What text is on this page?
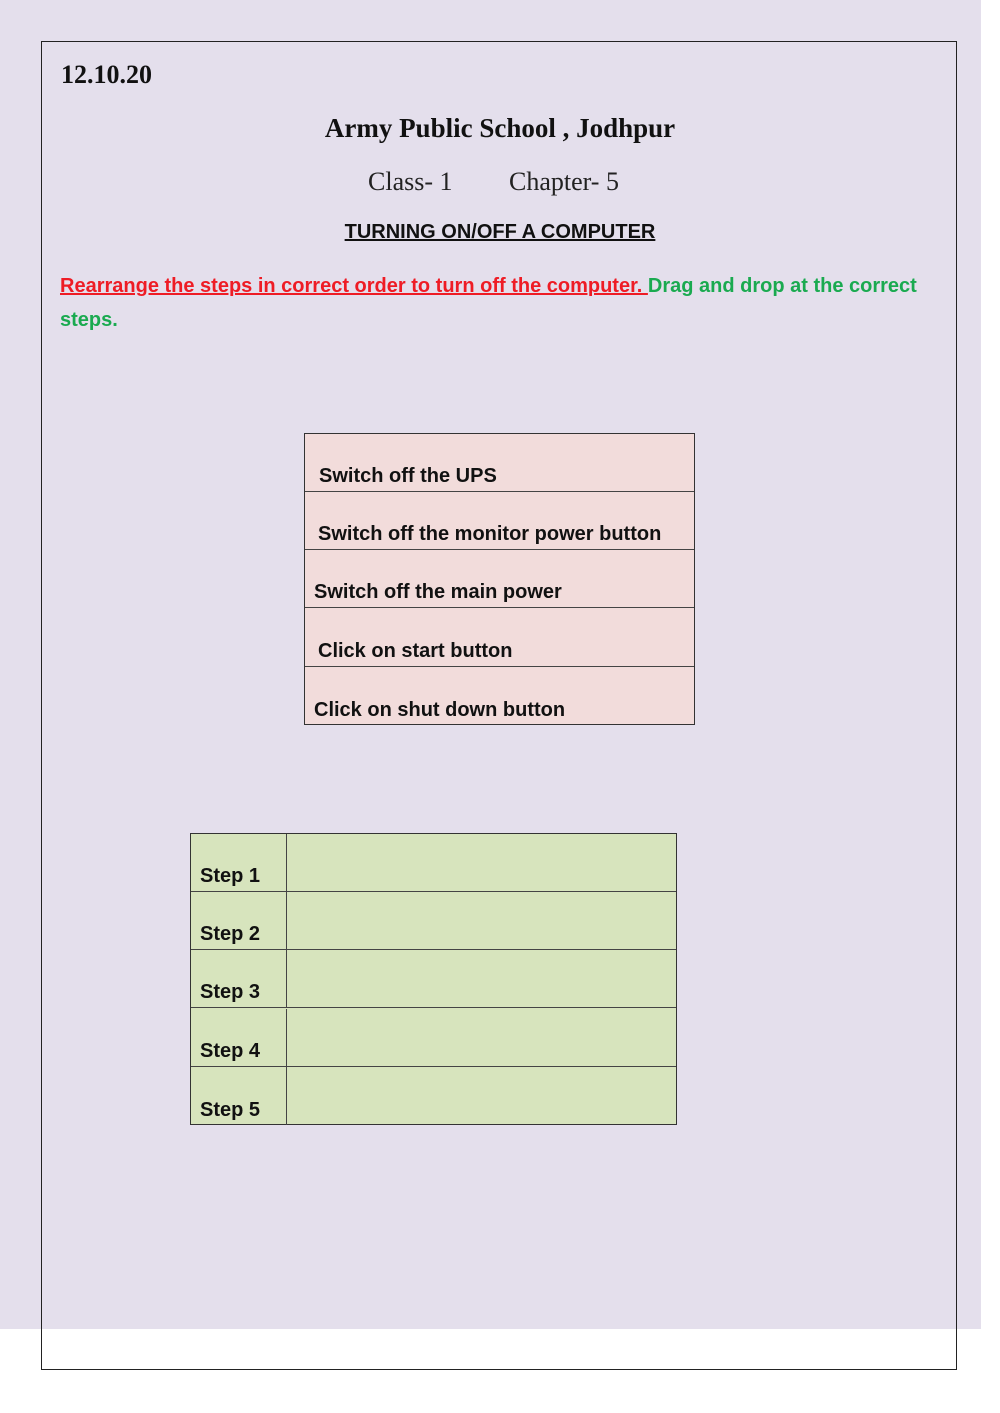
12.10.20
Army Public School , Jodhpur
Class- 1 Chapter- 5
TURNING ON/OFF A COMPUTER
Rearrange the steps in correct order to turn off the computer. Drag and drop at the correct steps.
Switch off the UPS
Switch off the monitor power button
Switch off the main power
Click on start button
Click on shut down button
Step 1
Step 2
Step 3
Step 4
Step 5
